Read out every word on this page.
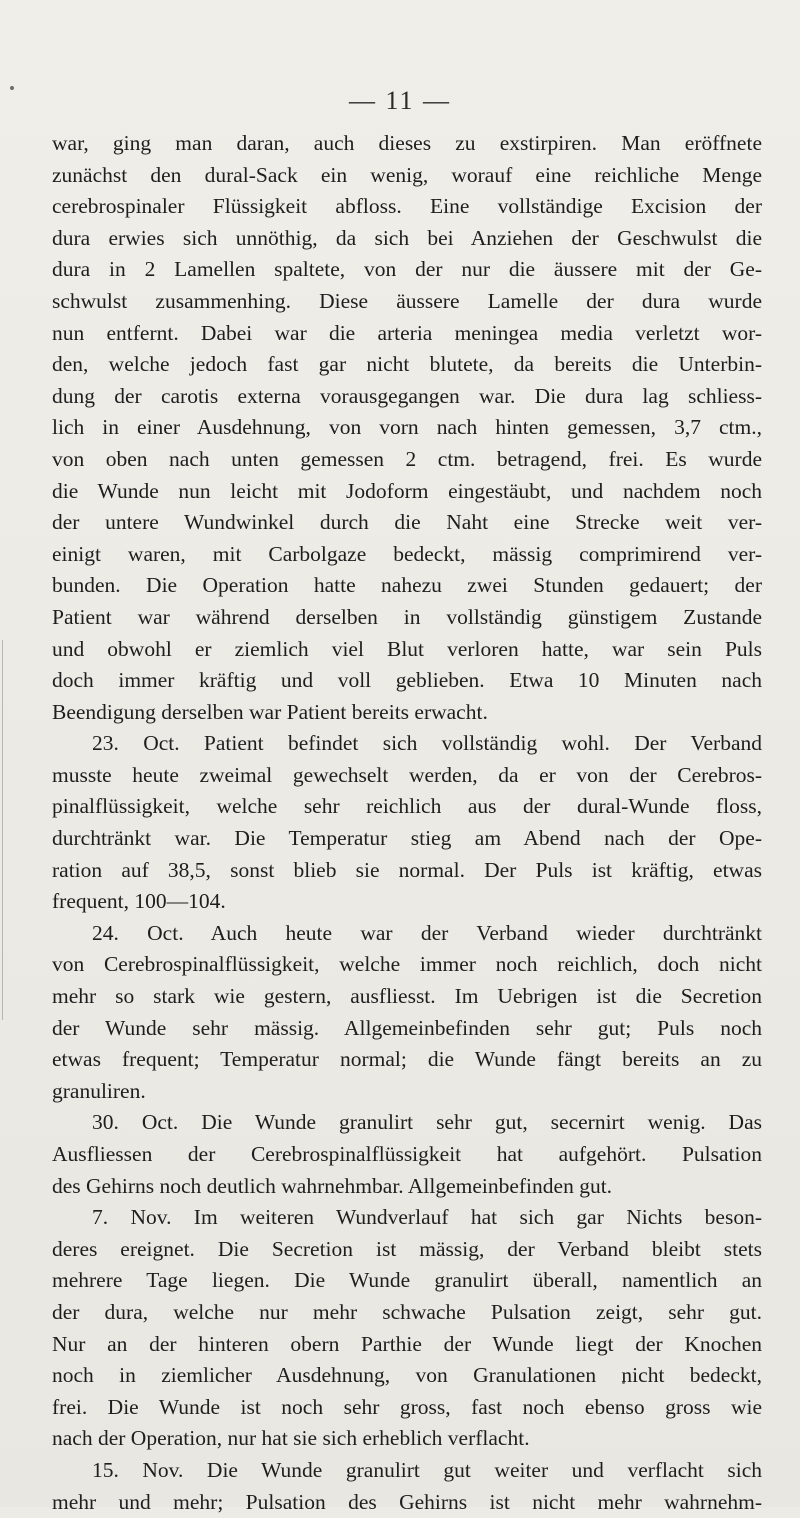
— 11 —
war, ging man daran, auch dieses zu exstirpiren. Man eröffnete
zunächst den dural-Sack ein wenig, worauf eine reichliche Menge
cerebrospinaler Flüssigkeit abfloss. Eine vollständige Excision der
dura erwies sich unnöthig, da sich bei Anziehen der Geschwulst die
dura in 2 Lamellen spaltete, von der nur die äussere mit der Ge-
schwulst zusammenhing. Diese äussere Lamelle der dura wurde
nun entfernt. Dabei war die arteria meningea media verletzt wor-
den, welche jedoch fast gar nicht blutete, da bereits die Unterbin-
dung der carotis externa vorausgegangen war. Die dura lag schliess-
lich in einer Ausdehnung, von vorn nach hinten gemessen, 3,7 ctm.,
von oben nach unten gemessen 2 ctm. betragend, frei. Es wurde
die Wunde nun leicht mit Jodoform eingestäubt, und nachdem noch
der untere Wundwinkel durch die Naht eine Strecke weit ver-
einigt waren, mit Carbolgaze bedeckt, mässig comprimirend ver-
bunden. Die Operation hatte nahezu zwei Stunden gedauert; der
Patient war während derselben in vollständig günstigem Zustande
und obwohl er ziemlich viel Blut verloren hatte, war sein Puls
doch immer kräftig und voll geblieben. Etwa 10 Minuten nach
Beendigung derselben war Patient bereits erwacht.
23. Oct. Patient befindet sich vollständig wohl. Der Verband
musste heute zweimal gewechselt werden, da er von der Cerebros-
pinalflüssigkeit, welche sehr reichlich aus der dural-Wunde floss,
durchtränkt war. Die Temperatur stieg am Abend nach der Ope-
ration auf 38,5, sonst blieb sie normal. Der Puls ist kräftig, etwas
frequent, 100—104.
24. Oct. Auch heute war der Verband wieder durchtränkt
von Cerebrospinalflüssigkeit, welche immer noch reichlich, doch nicht
mehr so stark wie gestern, ausfliesst. Im Uebrigen ist die Secretion
der Wunde sehr mässig. Allgemeinbefinden sehr gut; Puls noch
etwas frequent; Temperatur normal; die Wunde fängt bereits an zu
granuliren.
30. Oct. Die Wunde granulirt sehr gut, secernirt wenig. Das
Ausfliessen der Cerebrospinalflüssigkeit hat aufgehört. Pulsation
des Gehirns noch deutlich wahrnehmbar. Allgemeinbefinden gut.
7. Nov. Im weiteren Wundverlauf hat sich gar Nichts beson-
deres ereignet. Die Secretion ist mässig, der Verband bleibt stets
mehrere Tage liegen. Die Wunde granulirt überall, namentlich an
der dura, welche nur mehr schwache Pulsation zeigt, sehr gut.
Nur an der hinteren obern Parthie der Wunde liegt der Knochen
noch in ziemlicher Ausdehnung, von Granulationen nicht bedeckt,
frei. Die Wunde ist noch sehr gross, fast noch ebenso gross wie
nach der Operation, nur hat sie sich erheblich verflacht.
15. Nov. Die Wunde granulirt gut weiter und verflacht sich
mehr und mehr; Pulsation des Gehirns ist nicht mehr wahrnehm-
